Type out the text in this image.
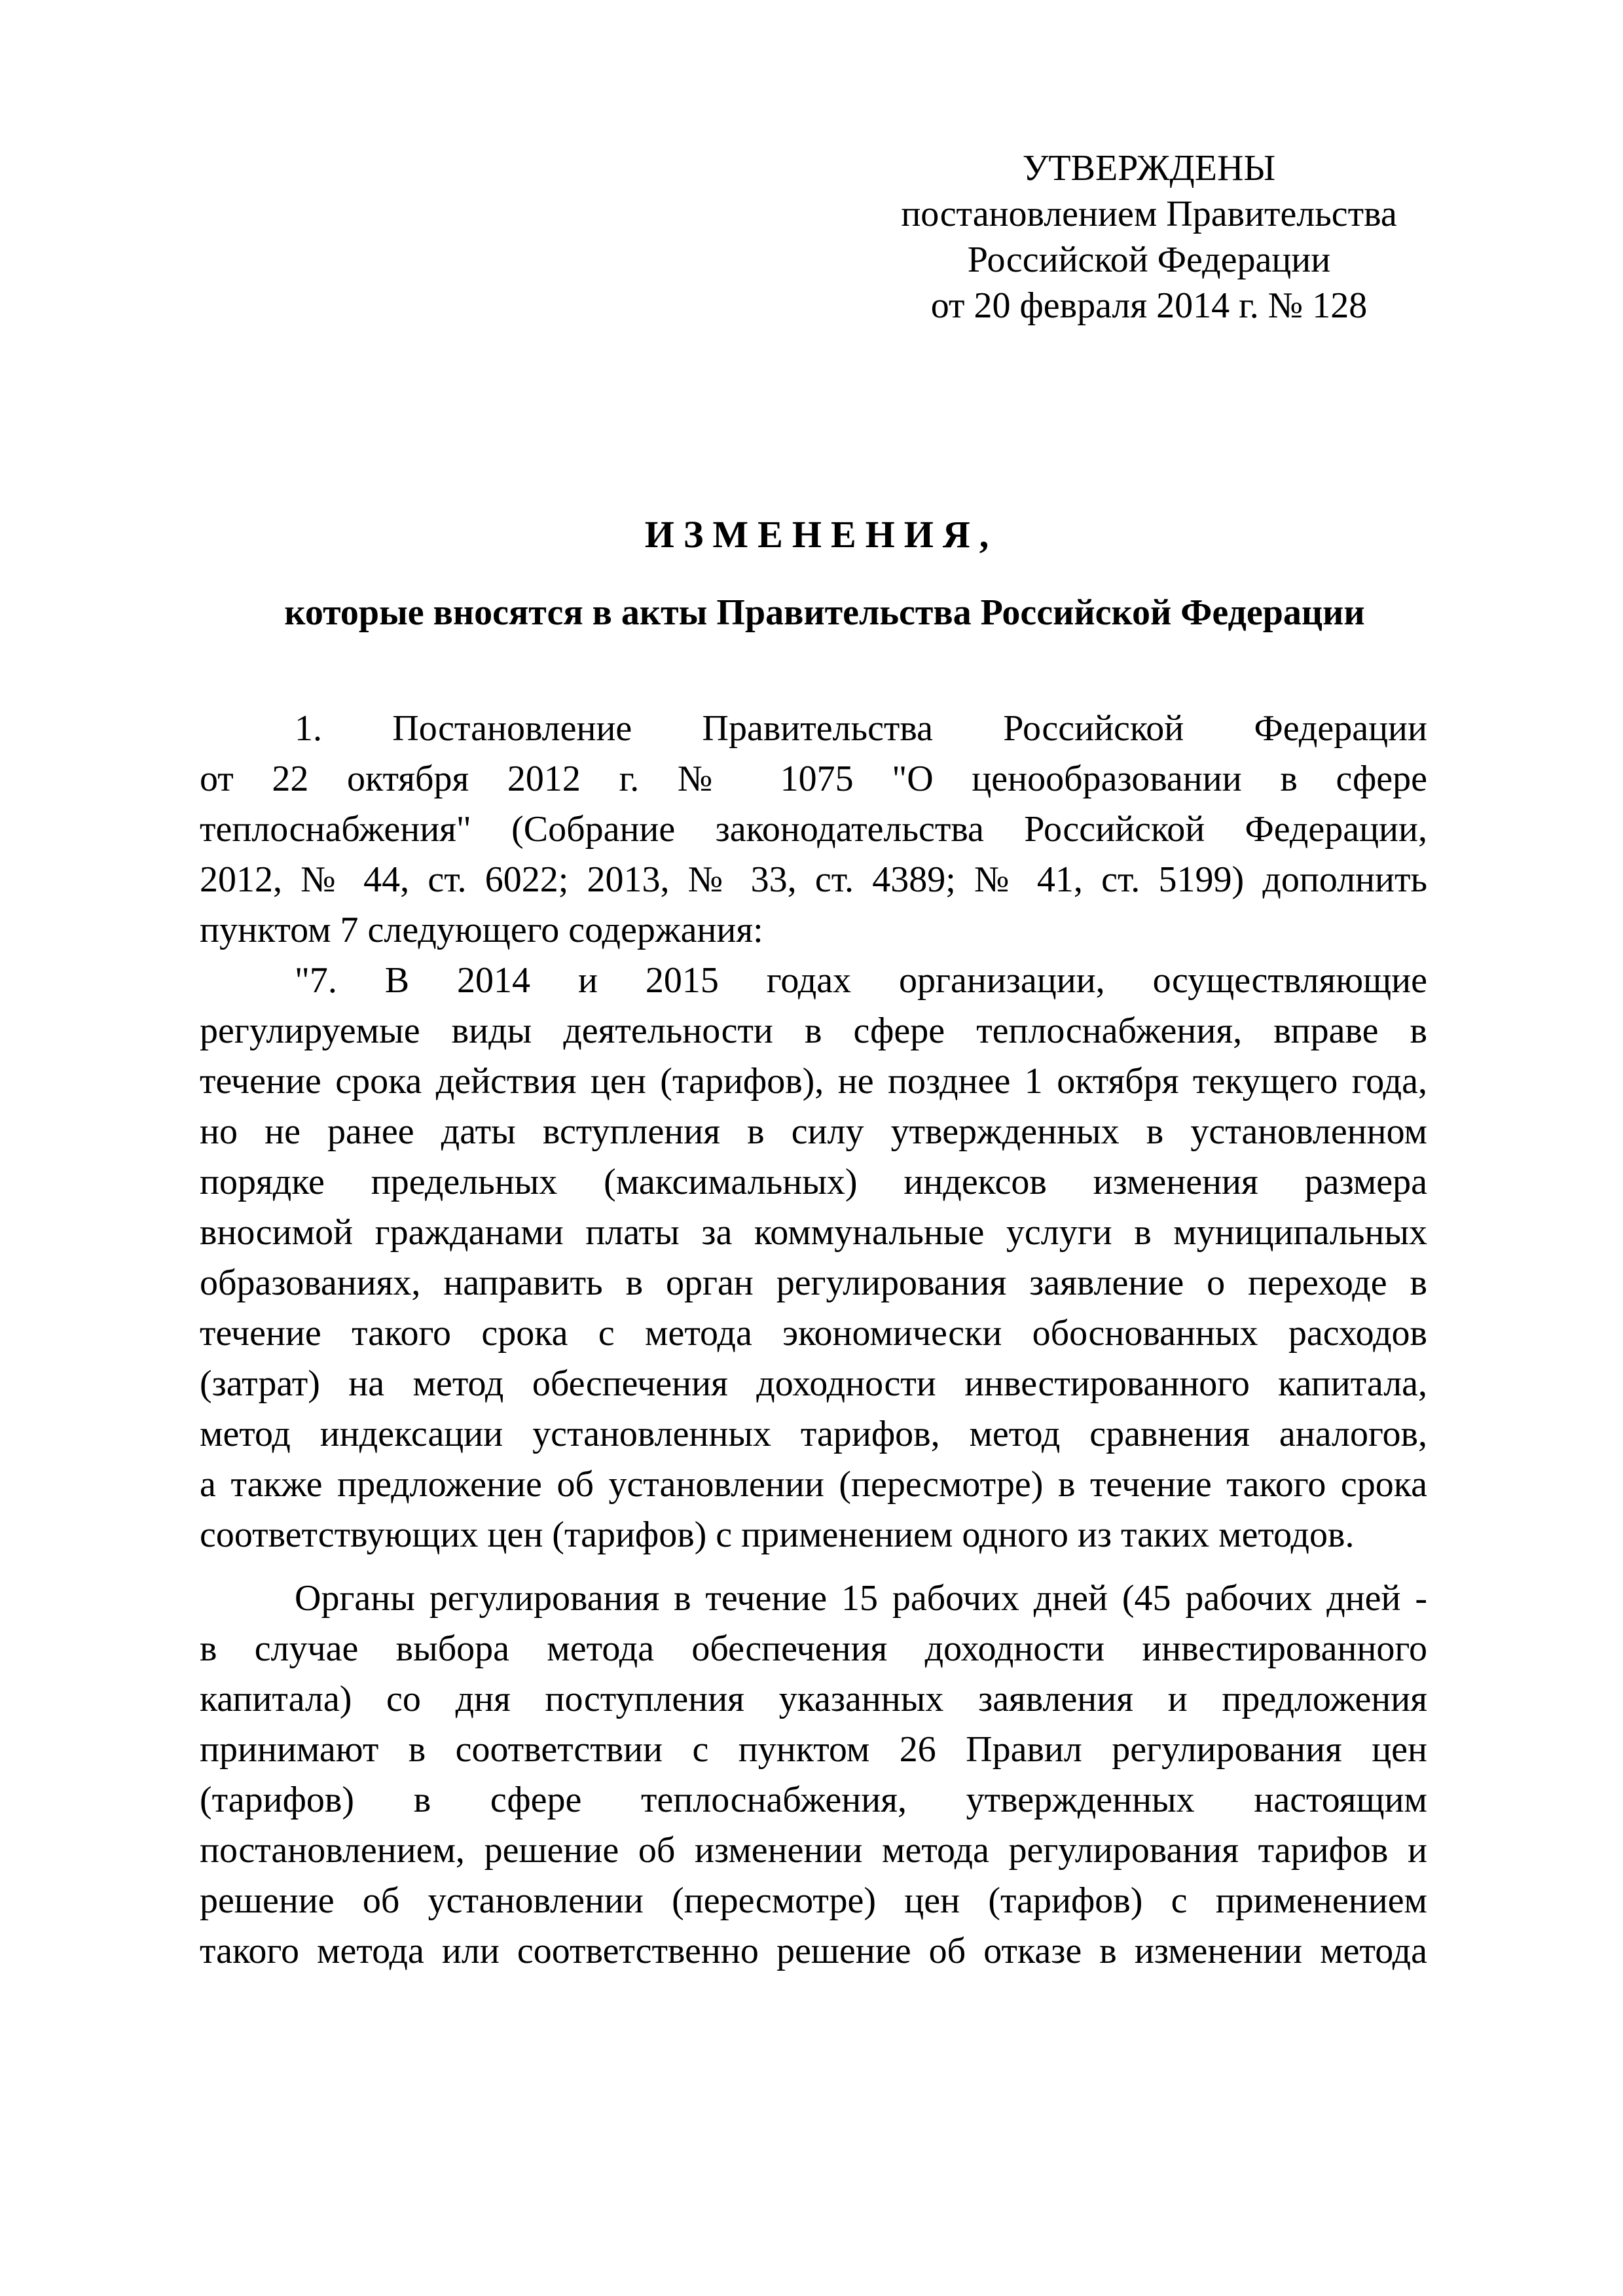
УТВЕРЖДЕНЫ
постановлением Правительства
Российской Федерации
от 20 февраля 2014 г. № 128
ИЗМЕНЕНИЯ,
которые вносятся в акты Правительства Российской Федерации
1. Постановление Правительства Российской Федерации
от 22 октября 2012 г. № 1075 "О ценообразовании в сфере
теплоснабжения" (Собрание законодательства Российской Федерации,
2012, № 44, ст. 6022; 2013, № 33, ст. 4389; № 41, ст. 5199) дополнить
пунктом 7 следующего содержания:
"7. В 2014 и 2015 годах организации, осуществляющие
регулируемые виды деятельности в сфере теплоснабжения, вправе в
течение срока действия цен (тарифов), не позднее 1 октября текущего года,
но не ранее даты вступления в силу утвержденных в установленном
порядке предельных (максимальных) индексов изменения размера
вносимой гражданами платы за коммунальные услуги в муниципальных
образованиях, направить в орган регулирования заявление о переходе в
течение такого срока с метода экономически обоснованных расходов
(затрат) на метод обеспечения доходности инвестированного капитала,
метод индексации установленных тарифов, метод сравнения аналогов,
а также предложение об установлении (пересмотре) в течение такого срока
соответствующих цен (тарифов) с применением одного из таких методов.
Органы регулирования в течение 15 рабочих дней (45 рабочих дней -
в случае выбора метода обеспечения доходности инвестированного
капитала) со дня поступления указанных заявления и предложения
принимают в соответствии с пунктом 26 Правил регулирования цен
(тарифов) в сфере теплоснабжения, утвержденных настоящим
постановлением, решение об изменении метода регулирования тарифов и
решение об установлении (пересмотре) цен (тарифов) с применением
такого метода или соответственно решение об отказе в изменении метода
